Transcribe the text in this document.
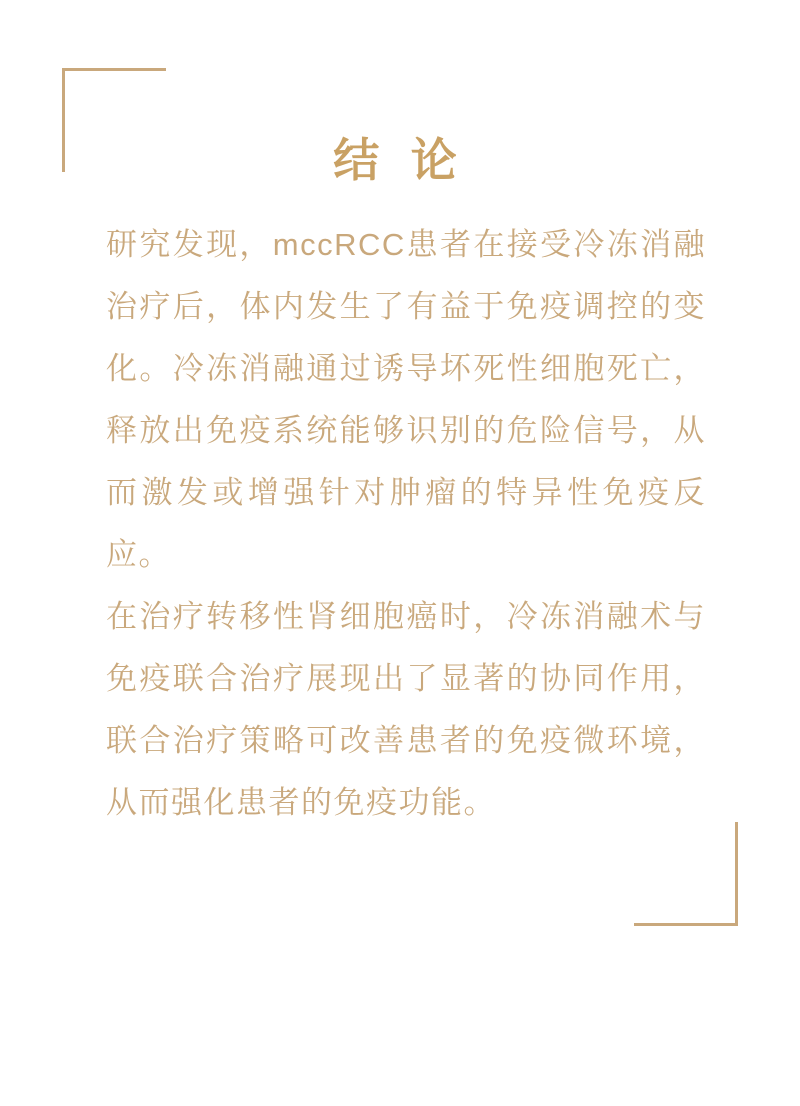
结 论

研究发现，mccRCC患者在接受冷冻消融治疗后，体内发生了有益于免疫调控的变化。冷冻消融通过诱导坏死性细胞死亡，释放出免疫系统能够识别的危险信号，从而激发或增强针对肿瘤的特异性免疫反应。

在治疗转移性肾细胞癌时，冷冻消融术与免疫联合治疗展现出了显著的协同作用，联合治疗策略可改善患者的免疫微环境，从而强化患者的免疫功能。
